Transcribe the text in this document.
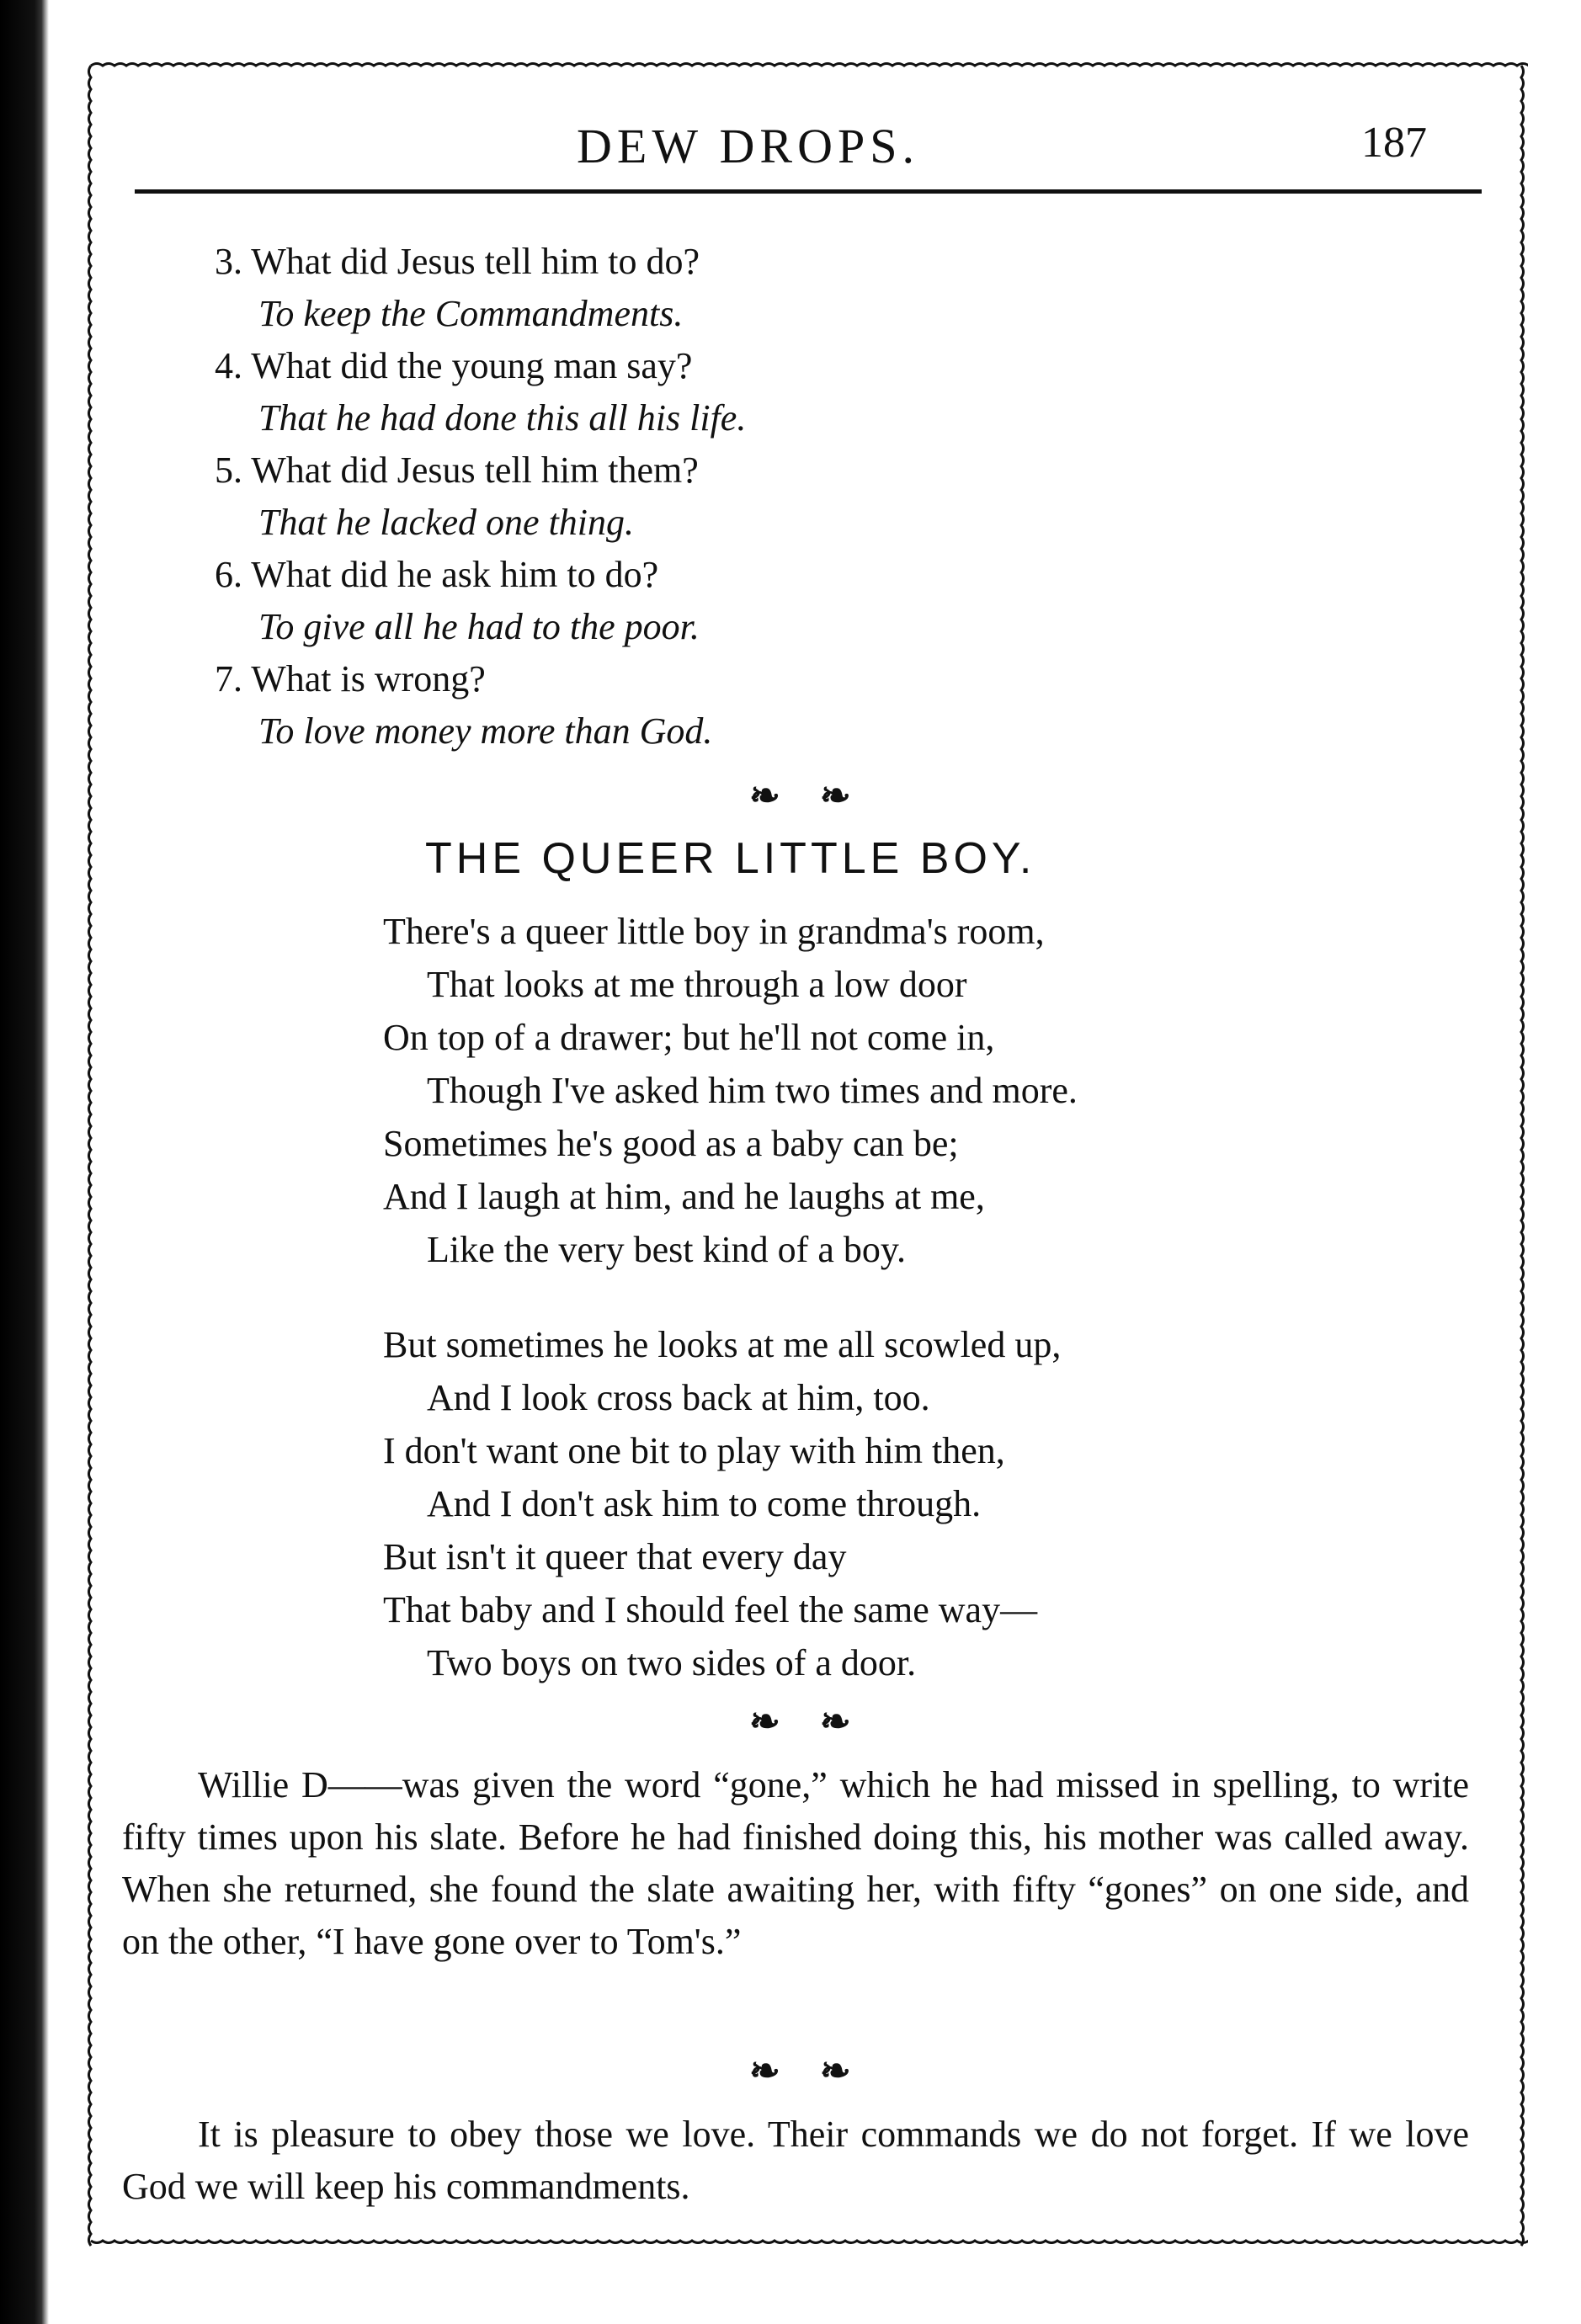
DEW DROPS.	187
3. What did Jesus tell him to do?
To keep the Commandments.
4. What did the young man say?
That he had done this all his life.
5. What did Jesus tell him them?
That he lacked one thing.
6. What did he ask him to do?
To give all he had to the poor.
7. What is wrong?
To love money more than God.
❧ ❧
THE QUEER LITTLE BOY.
There's a queer little boy in grandma's room,
That looks at me through a low door
On top of a drawer; but he'll not come in,
Though I've asked him two times and more.
Sometimes he's good as a baby can be;
And I laugh at him, and he laughs at me,
Like the very best kind of a boy.
But sometimes he looks at me all scowled up,
And I look cross back at him, too.
I don't want one bit to play with him then,
And I don't ask him to come through.
But isn't it queer that every day
That baby and I should feel the same way—
Two boys on two sides of a door.
❧ ❧
Willie D——was given the word “gone,” which he had missed in spelling, to write fifty times upon his slate. Before he had finished doing this, his mother was called away. When she returned, she found the slate awaiting her, with fifty “gones” on one side, and on the other, “I have gone over to Tom's.”
❧ ❧
It is pleasure to obey those we love. Their commands we do not forget. If we love God we will keep his commandments.
